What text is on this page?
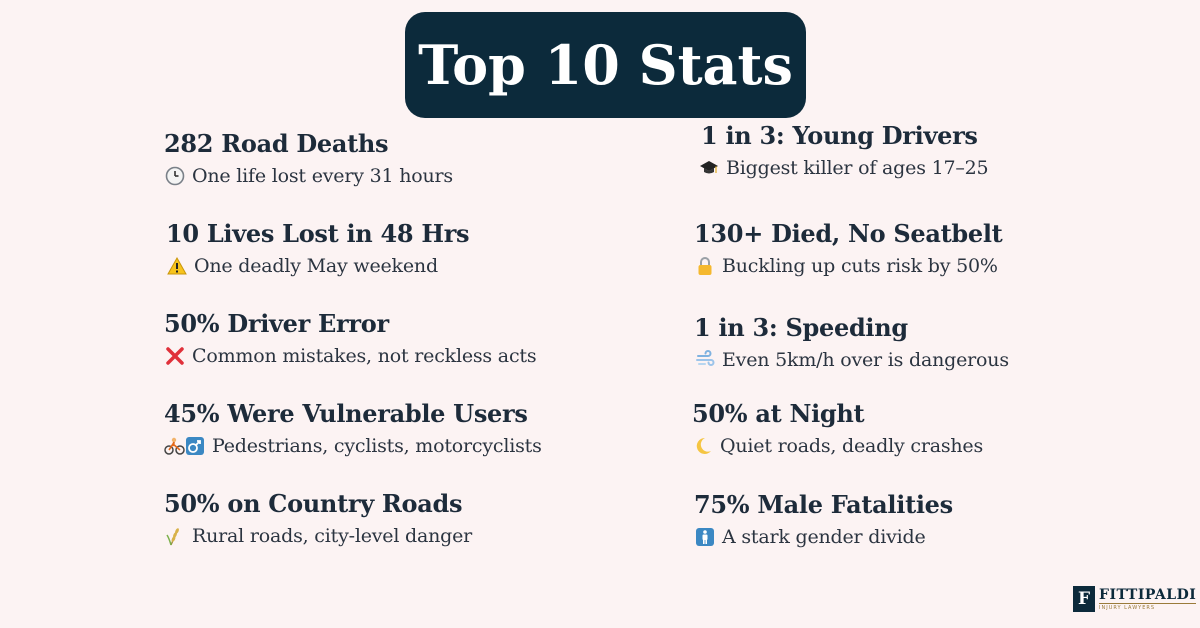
Top 10 Stats
282 Road Deaths
One life lost every 31 hours
10 Lives Lost in 48 Hrs
One deadly May weekend
50% Driver Error
Common mistakes, not reckless acts
45% Were Vulnerable Users
Pedestrians, cyclists, motorcyclists
50% on Country Roads
Rural roads, city-level danger
1 in 3: Young Drivers
Biggest killer of ages 17–25
130+ Died, No Seatbelt
Buckling up cuts risk by 50%
1 in 3: Speeding
Even 5km/h over is dangerous
50% at Night
Quiet roads, deadly crashes
75% Male Fatalities
A stark gender divide
F FITTIPALDI
INJURY LAWYERS
